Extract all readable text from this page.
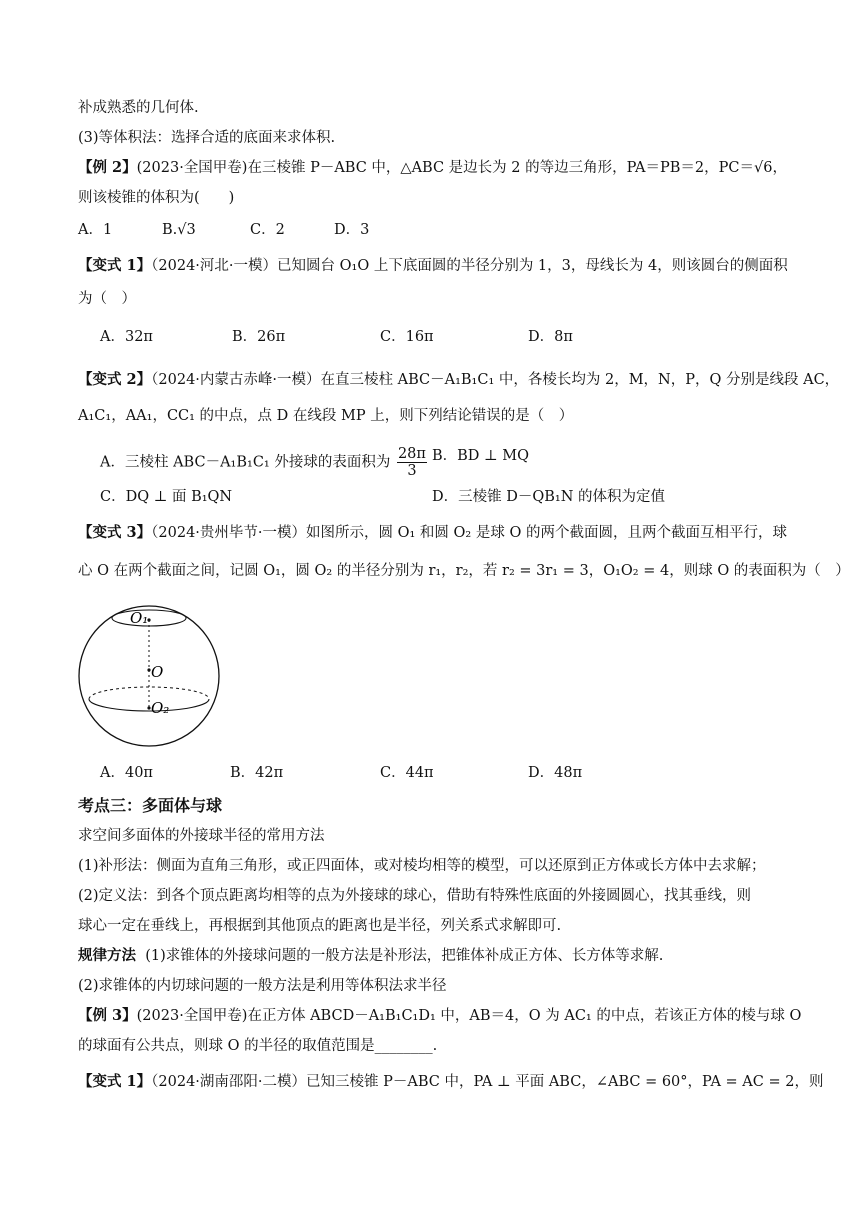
补成熟悉的几何体.
(3)等体积法：选择合适的底面来求体积.
【例 2】(2023·全国甲卷)在三棱锥 P－ABC 中，△ABC 是边长为 2 的等边三角形，PA＝PB＝2，PC＝√6，
则该棱锥的体积为(　　)
A．1	B.√3	C．2	D．3
【变式 1】（2024·河北·一模）已知圆台 O₁O 上下底面圆的半径分别为 1，3，母线长为 4，则该圆台的侧面积
为（　）
A．32π	B．26π	C．16π	D．8π
【变式 2】（2024·内蒙古赤峰·一模）在直三棱柱 ABC－A₁B₁C₁ 中，各棱长均为 2，M，N，P，Q 分别是线段 AC，
A₁C₁，AA₁，CC₁ 的中点，点 D 在线段 MP 上，则下列结论错误的是（　）
A．三棱柱 ABC－A₁B₁C₁ 外接球的表面积为 $\frac{28\pi}{3}$ B．BD ⊥ MQ
C．DQ ⊥ 面 B₁QN	D．三棱锥 D－QB₁N 的体积为定值
【变式 3】（2024·贵州毕节·一模）如图所示，圆 O₁ 和圆 O₂ 是球 O 的两个截面圆，且两个截面互相平行，球
心 O 在两个截面之间，记圆 O₁，圆 O₂ 的半径分别为 r₁，r₂，若 r₂ = 3r₁ = 3，O₁O₂ = 4，则球 O 的表面积为（　）
O₁
O
O₂
A．40π	B．42π	C．44π	D．48π
考点三：多面体与球
求空间多面体的外接球半径的常用方法
(1)补形法：侧面为直角三角形，或正四面体，或对棱均相等的模型，可以还原到正方体或长方体中去求解；
(2)定义法：到各个顶点距离均相等的点为外接球的球心，借助有特殊性底面的外接圆圆心，找其垂线，则
球心一定在垂线上，再根据到其他顶点的距离也是半径，列关系式求解即可.
规律方法 (1)求锥体的外接球问题的一般方法是补形法，把锥体补成正方体、长方体等求解.
(2)求锥体的内切球问题的一般方法是利用等体积法求半径
【例 3】(2023·全国甲卷)在正方体 ABCD－A₁B₁C₁D₁ 中，AB＝4，O 为 AC₁ 的中点，若该正方体的棱与球 O
的球面有公共点，则球 O 的半径的取值范围是________.
【变式 1】（2024·湖南邵阳·二模）已知三棱锥 P－ABC 中，PA ⊥ 平面 ABC，∠ABC = 60°，PA = AC = 2，则
